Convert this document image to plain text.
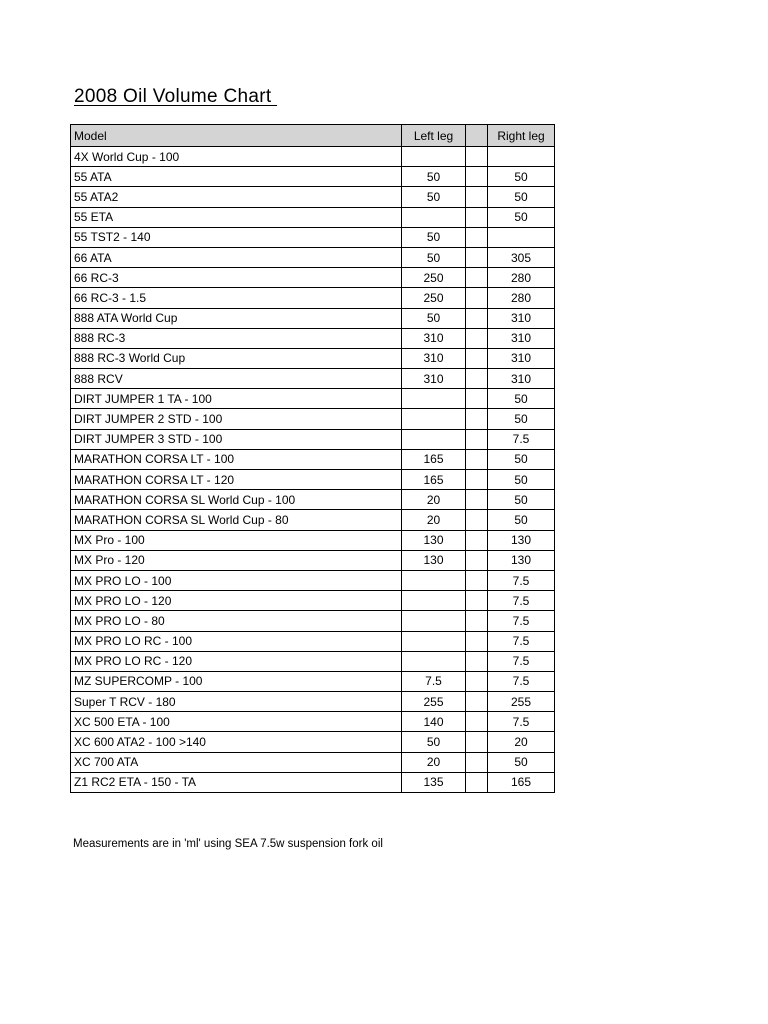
2008 Oil Volume Chart
Model	Left leg		Right leg
4X World Cup - 100			
55 ATA	50		50
55 ATA2	50		50
55 ETA			50
55 TST2 - 140	50		
66 ATA	50		305
66 RC-3	250		280
66 RC-3 - 1.5	250		280
888 ATA World Cup	50		310
888 RC-3	310		310
888 RC-3 World Cup	310		310
888 RCV	310		310
DIRT JUMPER 1 TA - 100			50
DIRT JUMPER 2 STD - 100			50
DIRT JUMPER 3 STD - 100			7.5
MARATHON CORSA LT - 100	165		50
MARATHON CORSA LT - 120	165		50
MARATHON CORSA SL World Cup - 100	20		50
MARATHON CORSA SL World Cup - 80	20		50
MX Pro - 100	130		130
MX Pro - 120	130		130
MX PRO LO - 100			7.5
MX PRO LO - 120			7.5
MX PRO LO - 80			7.5
MX PRO LO RC - 100			7.5
MX PRO LO RC - 120			7.5
MZ SUPERCOMP - 100	7.5		7.5
Super T RCV - 180	255		255
XC 500 ETA - 100	140		7.5
XC 600 ATA2 - 100 >140	50		20
XC 700 ATA	20		50
Z1 RC2 ETA - 150 - TA	135		165
Measurements are in 'ml' using SEA 7.5w suspension fork oil
